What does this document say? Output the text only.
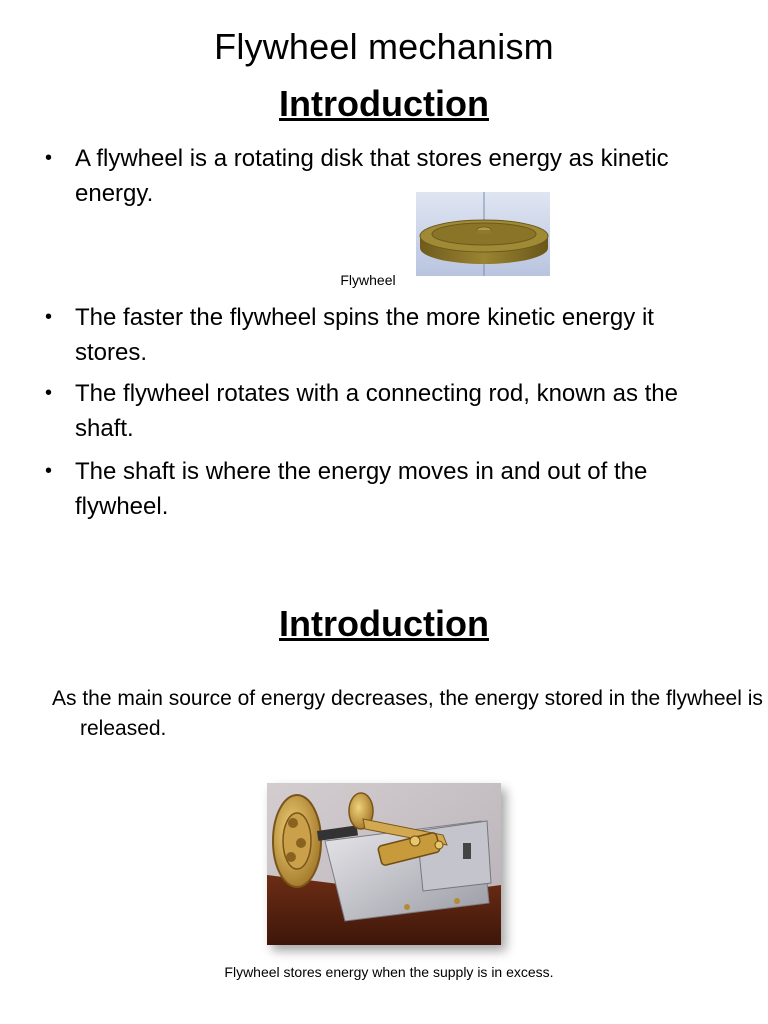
Flywheel mechanism
Introduction
• A flywheel is a rotating disk that stores energy as kinetic energy.
• The faster the flywheel spins the more kinetic energy it stores.
• The flywheel rotates with a connecting rod, known as the shaft.
• The shaft is where the energy moves in and out of the flywheel.
Flywheel
Introduction
As the main source of energy decreases, the energy stored in the flywheel is released.
Flywheel stores energy when the supply is in excess.
